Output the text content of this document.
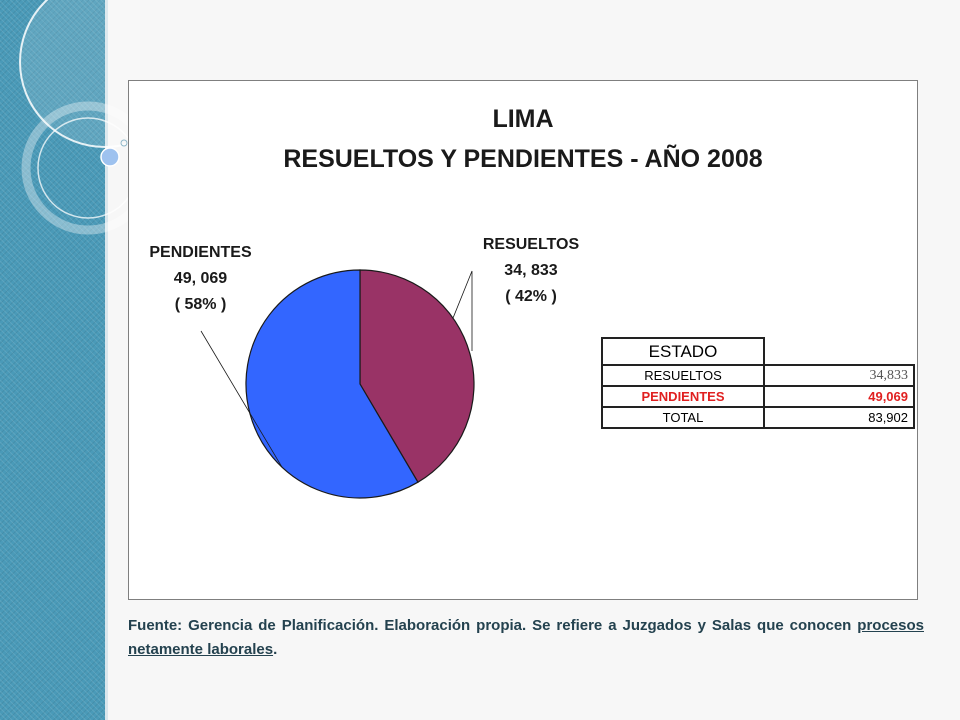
LIMA
RESUELTOS Y PENDIENTES - AÑO 2008
PENDIENTES
49, 069
( 58% )
RESUELTOS
34, 833
( 42% )
ESTADO	
RESUELTOS	34,833
PENDIENTES	49,069
TOTAL	83,902
Fuente: Gerencia de Planificación. Elaboración propia. Se refiere a Juzgados y Salas que conocen procesos netamente laborales.
